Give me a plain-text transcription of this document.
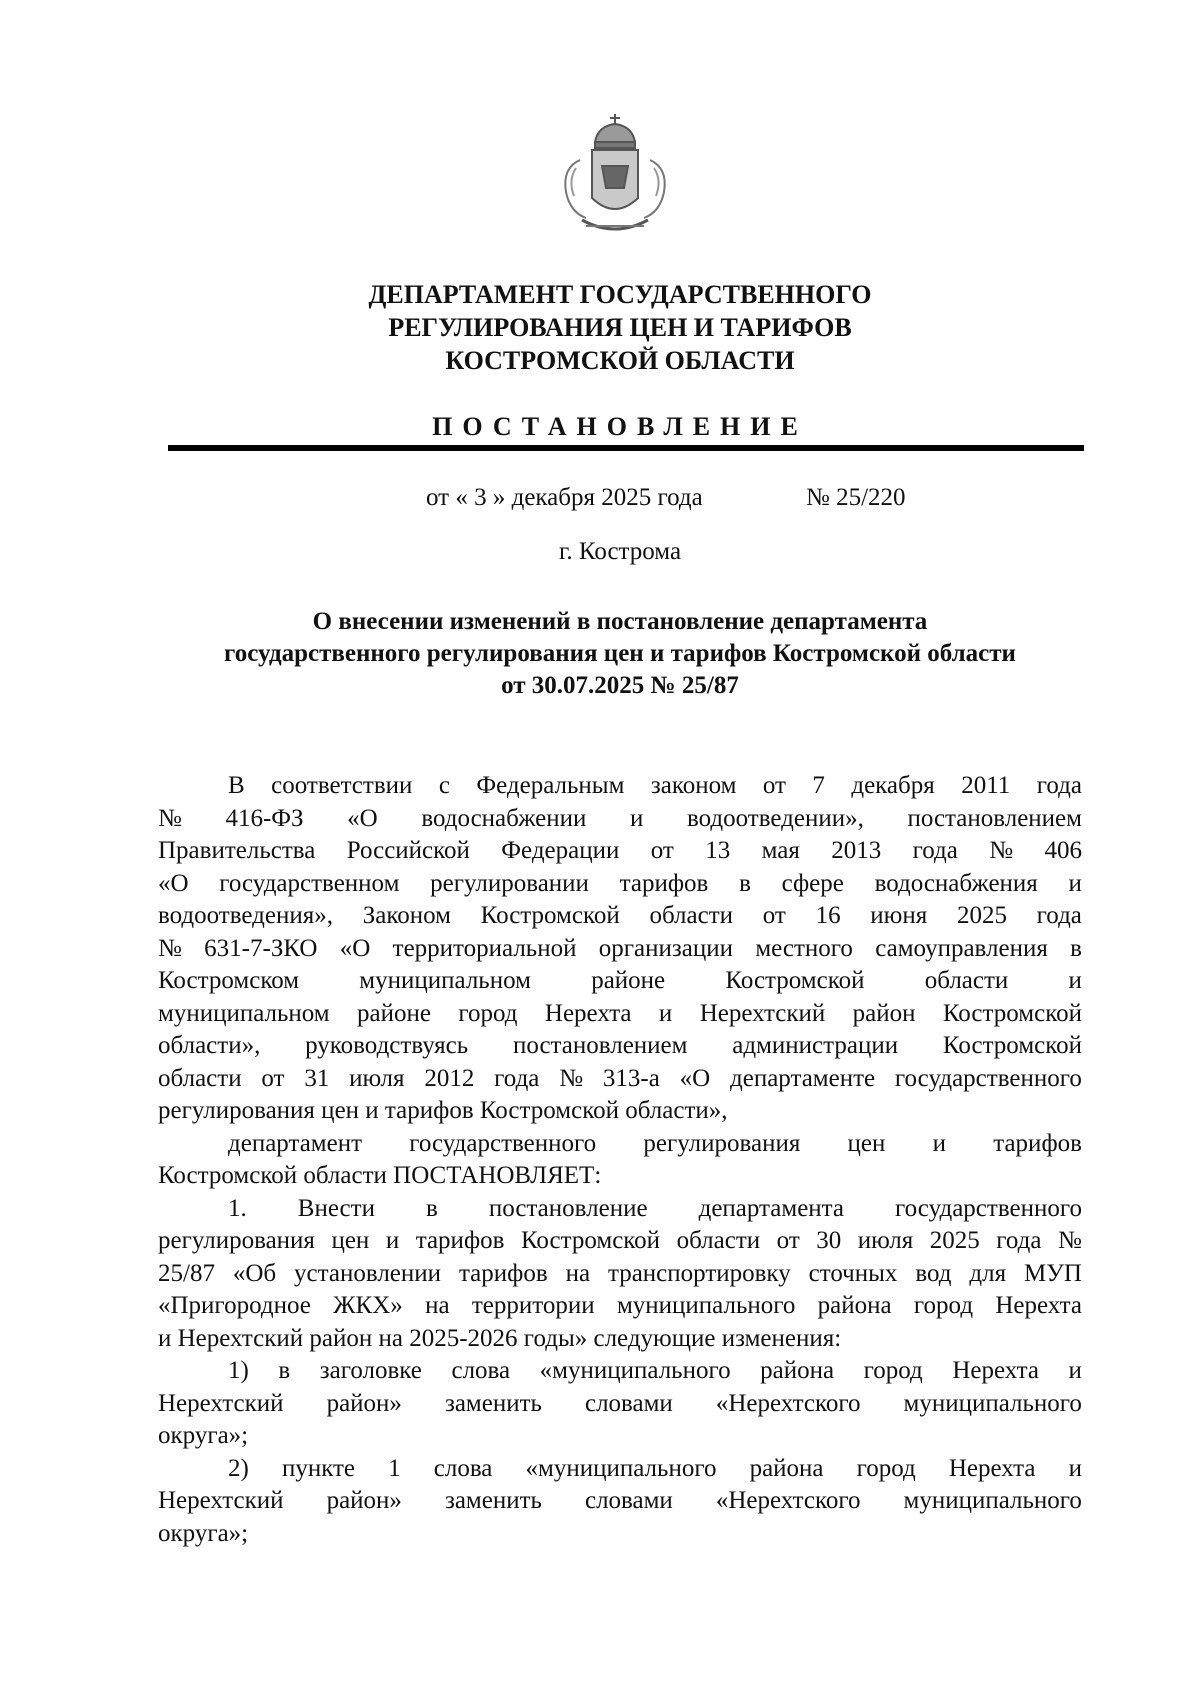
ДЕПАРТАМЕНТ ГОСУДАРСТВЕННОГО
РЕГУЛИРОВАНИЯ ЦЕН И ТАРИФОВ
КОСТРОМСКОЙ ОБЛАСТИ
ПОСТАНОВЛЕНИЕ
от « 3 » декабря 2025 года	№ 25/220
г. Кострома
О внесении изменений в постановление департамента
государственного регулирования цен и тарифов Костромской области
от 30.07.2025 № 25/87
В соответствии с Федеральным законом от 7 декабря 2011 года
№ 416-ФЗ «О водоснабжении и водоотведении», постановлением
Правительства Российской Федерации от 13 мая 2013 года № 406
«О государственном регулировании тарифов в сфере водоснабжения и
водоотведения», Законом Костромской области от 16 июня 2025 года
№ 631-7-ЗКО «О территориальной организации местного самоуправления в
Костромском муниципальном районе Костромской области и
муниципальном районе город Нерехта и Нерехтский район Костромской
области», руководствуясь постановлением администрации Костромской
области от 31 июля 2012 года № 313-а «О департаменте государственного
регулирования цен и тарифов Костромской области»,
департамент государственного регулирования цен и тарифов
Костромской области ПОСТАНОВЛЯЕТ:
1. Внести в постановление департамента государственного
регулирования цен и тарифов Костромской области от 30 июля 2025 года №
25/87 «Об установлении тарифов на транспортировку сточных вод для МУП
«Пригородное ЖКХ» на территории муниципального района город Нерехта
и Нерехтский район на 2025-2026 годы» следующие изменения:
1) в заголовке слова «муниципального района город Нерехта и
Нерехтский район» заменить словами «Нерехтского муниципального
округа»;
2) пункте 1 слова «муниципального района город Нерехта и
Нерехтский район» заменить словами «Нерехтского муниципального
округа»;
